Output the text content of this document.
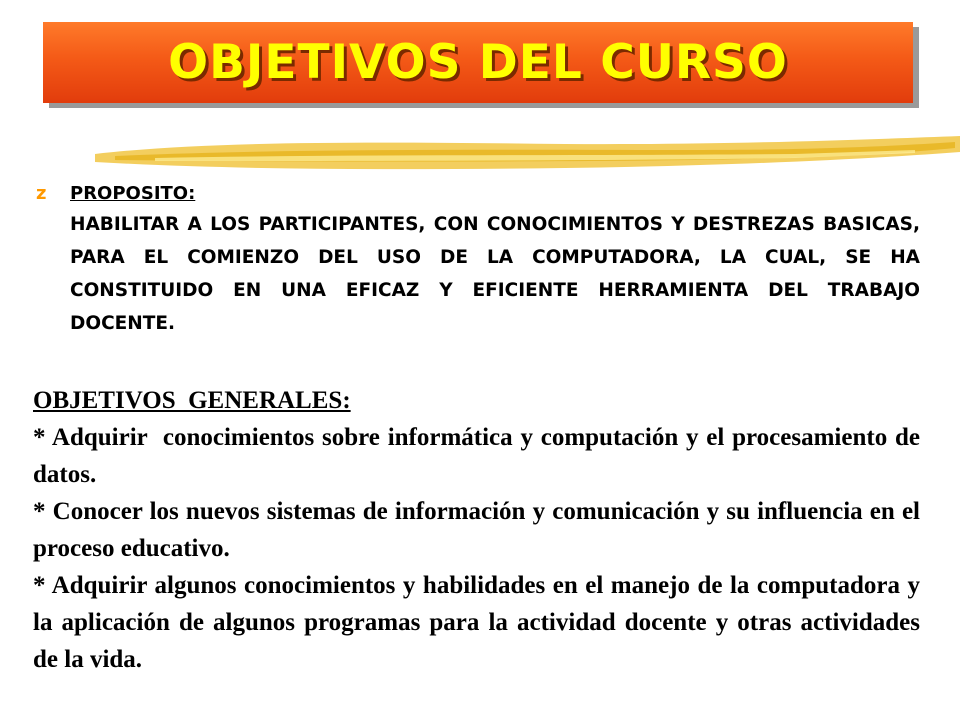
OBJETIVOS DEL CURSO
z	PROPOSITO:
HABILITAR A LOS PARTICIPANTES, CON CONOCIMIENTOS Y DESTREZAS BASICAS, PARA EL COMIENZO DEL USO DE LA COMPUTADORA, LA CUAL, SE HA CONSTITUIDO EN UNA EFICAZ Y EFICIENTE HERRAMIENTA DEL TRABAJO DOCENTE.
OBJETIVOS  GENERALES:

* Adquirir  conocimientos sobre informática y computación y el procesamiento de datos.

* Conocer los nuevos sistemas de información y comunicación y su influencia en el proceso educativo.

* Adquirir algunos conocimientos y habilidades en el manejo de la computadora y la aplicación de algunos programas para la actividad docente y otras actividades de la vida.
